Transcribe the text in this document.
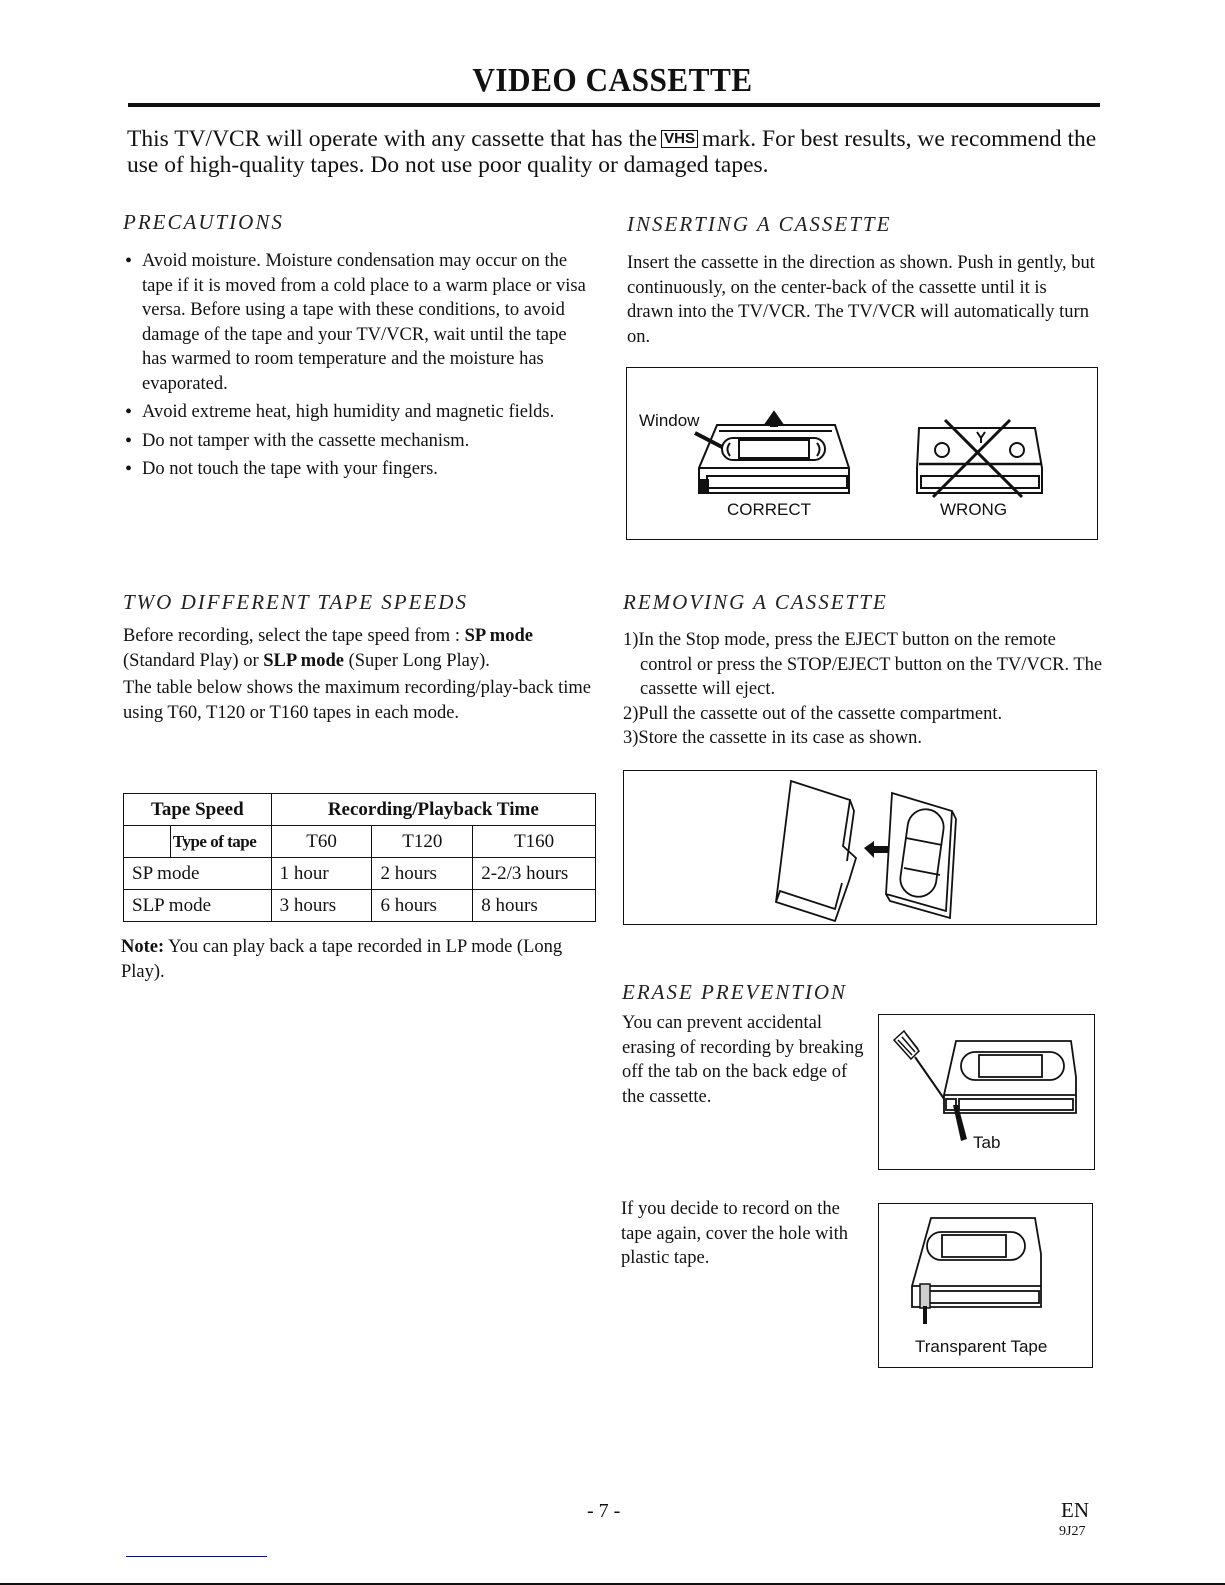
VIDEO CASSETTE
This TV/VCR will operate with any cassette that has the VHS mark. For best results, we recommend the use of high-quality tapes. Do not use poor quality or damaged tapes.
PRECAUTIONS
• Avoid moisture. Moisture condensation may occur on the tape if it is moved from a cold place to a warm place or visa versa. Before using a tape with these conditions, to avoid damage of the tape and your TV/VCR, wait until the tape has warmed to room temperature and the moisture has evaporated.
• Avoid extreme heat, high humidity and magnetic fields.
• Do not tamper with the cassette mechanism.
• Do not touch the tape with your fingers.
INSERTING A CASSETTE
Insert the cassette in the direction as shown. Push in gently, but continuously, on the center-back of the cassette until it is drawn into the TV/VCR. The TV/VCR will automatically turn on.
Window
CORRECT	WRONG
TWO DIFFERENT TAPE SPEEDS
Before recording, select the tape speed from : SP mode (Standard Play) or SLP mode (Super Long Play).
The table below shows the maximum recording/play-back time using T60, T120 or T160 tapes in each mode.
Tape Speed		Recording/Playback Time		
	Type of tape	T60	T120	T160
SP mode		1 hour	2 hours	2-2/3 hours
SLP mode		3 hours	6 hours	8 hours
Note: You can play back a tape recorded in LP mode (Long Play).
REMOVING A CASSETTE
1)In the Stop mode, press the EJECT button on the remote control or press the STOP/EJECT button on the TV/VCR. The cassette will eject.
2)Pull the cassette out of the cassette compartment.
3)Store the cassette in its case as shown.
ERASE PREVENTION
You can prevent accidental erasing of recording by breaking off the tab on the back edge of the cassette.
Tab
If you decide to record on the tape again, cover the hole with plastic tape.
Transparent Tape
- 7 -	EN
9J27
